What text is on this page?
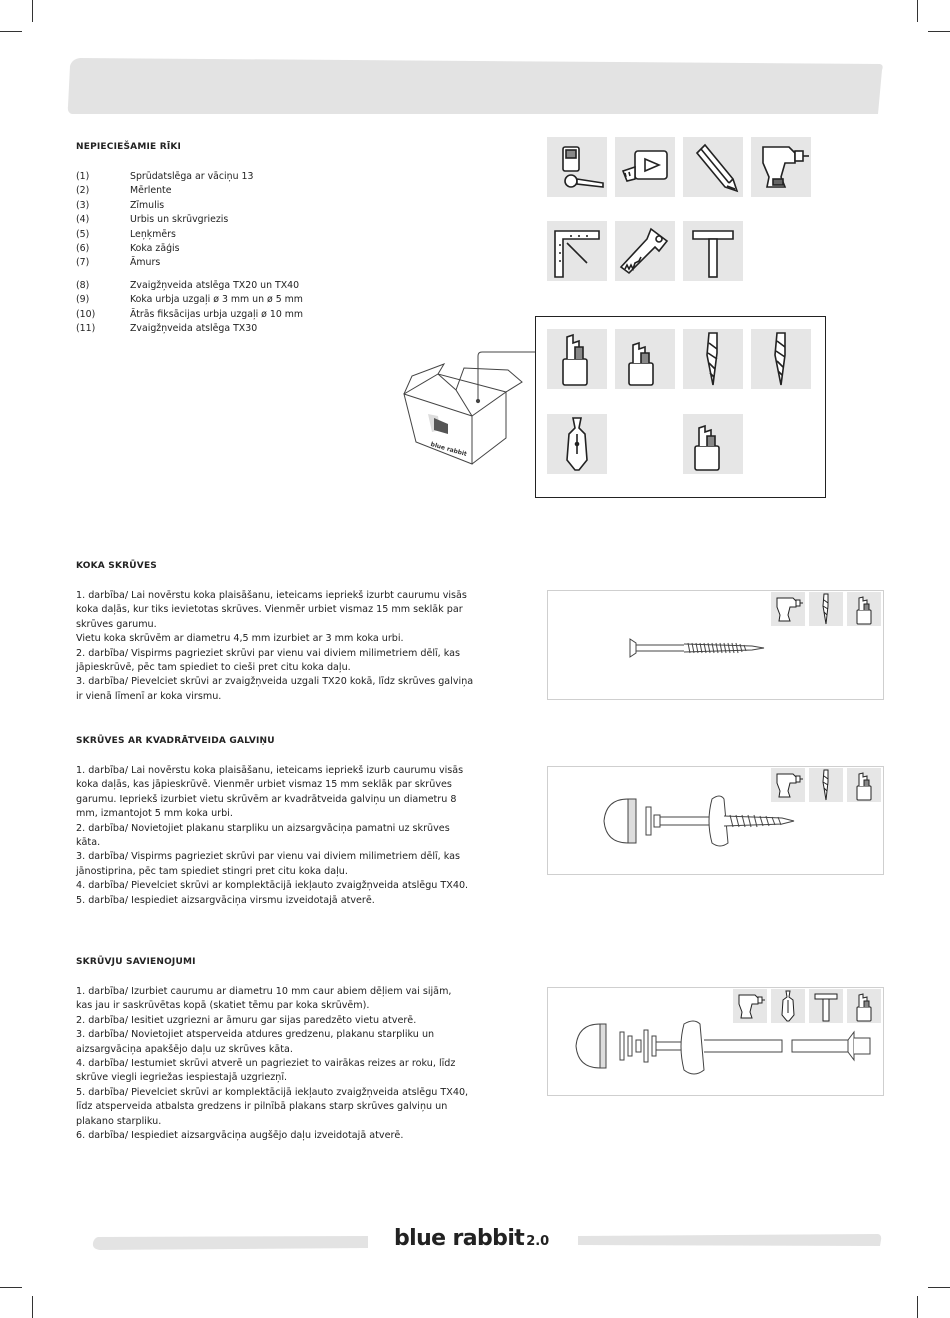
NEPIECIEŠAMIE RĪKI
(1)	Sprūdatslēga ar vāciņu 13
(2)	Mērlente
(3)	Zīmulis
(4)	Urbis un skrūvgriezis
(5)	Leņķmērs
(6)	Koka zāģis
(7)	Āmurs
(8)	Zvaigžņveida atslēga TX20 un TX40
(9)	Koka urbja uzgaļi ø 3 mm un ø 5 mm
(10)	Ātrās fiksācijas urbja uzgaļi ø 10 mm
(11)	Zvaigžņveida atslēga TX30
blue rabbit
KOKA SKRŪVES
1. darbība/ Lai novērstu koka plaisāšanu, ieteicams iepriekš izurbt caurumu visās
koka daļās, kur tiks ievietotas skrūves. Vienmēr urbiet vismaz 15 mm seklāk par
skrūves garumu.
Vietu koka skrūvēm ar diametru 4,5 mm izurbiet ar 3 mm koka urbi.
2. darbība/ Vispirms pagrieziet skrūvi par vienu vai diviem milimetriem dēlī, kas
jāpieskrūvē, pēc tam spiediet to cieši pret citu koka daļu.
3. darbība/ Pievelciet skrūvi ar zvaigžņveida uzgali TX20 kokā, līdz skrūves galviņa
ir vienā līmenī ar koka virsmu.
SKRŪVES AR KVADRĀTVEIDA GALVIŅU
1. darbība/ Lai novērstu koka plaisāšanu, ieteicams iepriekš izurb caurumu visās
koka daļās, kas jāpieskrūvē. Vienmēr urbiet vismaz 15 mm seklāk par skrūves
garumu. Iepriekš izurbiet vietu skrūvēm ar kvadrātveida galviņu un diametru 8
mm, izmantojot 5 mm koka urbi.
2. darbība/ Novietojiet plakanu starpliku un aizsargvāciņa pamatni uz skrūves
kāta.
3. darbība/ Vispirms pagrieziet skrūvi par vienu vai diviem milimetriem dēlī, kas
jānostiprina, pēc tam spiediet stingri pret citu koka daļu.
4. darbība/ Pievelciet skrūvi ar komplektācijā iekļauto zvaigžņveida atslēgu TX40.
5. darbība/ Iespiediet aizsargvāciņa virsmu izveidotajā atverē.
SKRŪVJU SAVIENOJUMI
1. darbība/ Izurbiet caurumu ar diametru 10 mm caur abiem dēļiem vai sijām,
kas jau ir saskrūvētas kopā (skatiet tēmu par koka skrūvēm).
2. darbība/ Iesitiet uzgriezni ar āmuru gar sijas paredzēto vietu atverē.
3. darbība/ Novietojiet atsperveida atdures gredzenu, plakanu starpliku un
aizsargvāciņa apakšējo daļu uz skrūves kāta.
4. darbība/ Iestumiet skrūvi atverē un pagrieziet to vairākas reizes ar roku, līdz
skrūve viegli iegriežas iespiestajā uzgriezņī.
5. darbība/ Pievelciet skrūvi ar komplektācijā iekļauto zvaigžņveida atslēgu TX40,
līdz atsperveida atbalsta gredzens ir pilnībā plakans starp skrūves galviņu un
plakano starpliku.
6. darbība/ Iespiediet aizsargvāciņa augšējo daļu izveidotajā atverē.
blue rabbit 2.0
